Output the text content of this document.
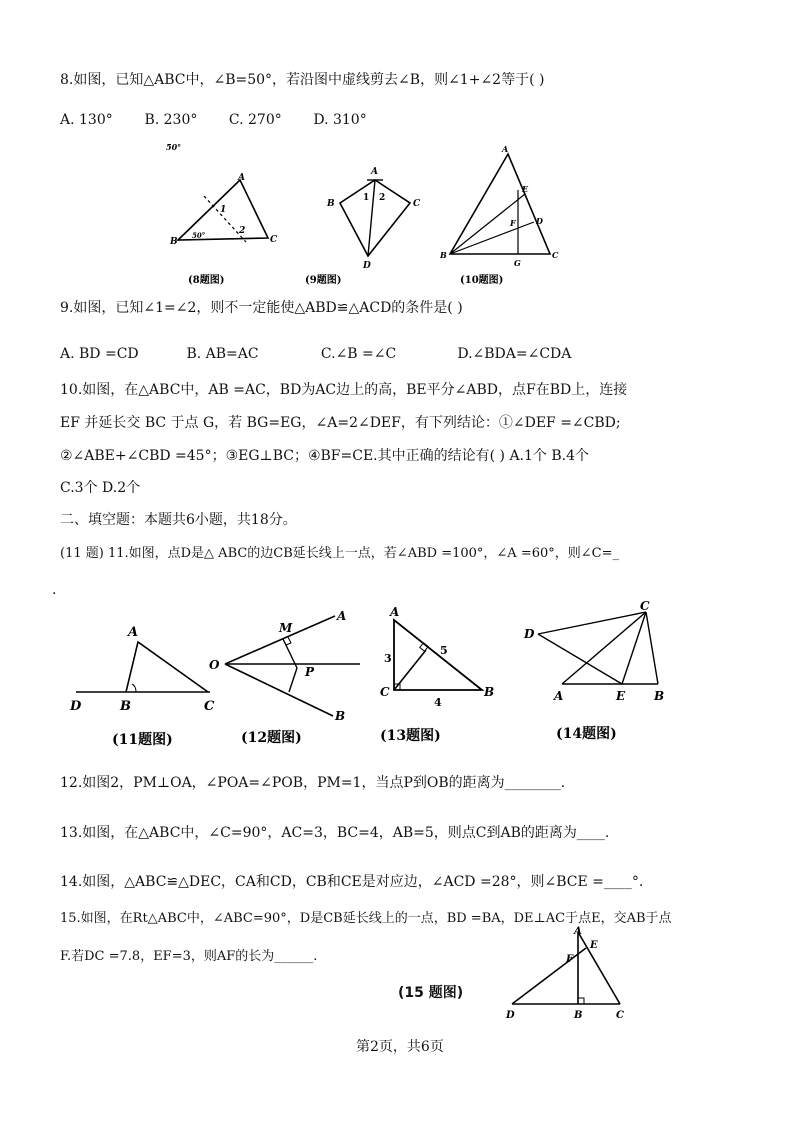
8.如图，已知△ABC中，∠B=50°，若沿图中虚线剪去∠B，则∠1+∠2等于( )
A. 130° B. 230° C. 270° D. 310°
50°
A
B	C
1
2
50°
(8题图)
A
B	C
D
1 2
(9题图)
A
B	C
D
E
F
G
(10题图)
9.如图，已知∠1=∠2，则不一定能使△ABD≌△ACD的条件是( )
A. BD =CD	B. AB=AC	C.∠B =∠C	D.∠BDA=∠CDA
10.如图，在△ABC中，AB =AC，BD为AC边上的高，BE平分∠ABD，点F在BD上，连接
EF 并延长交 BC 于点 G，若 BG=EG，∠A=2∠DEF，有下列结论：①∠DEF =∠CBD;
②∠ABE+∠CBD =45°；③EG⊥BC；④BF=CE.其中正确的结论有( ) A.1个 B.4个
C.3个 D.2个
二、填空题：本题共6小题，共18分。
(11 题) 11.如图，点D是△ ABC的边CB延长线上一点，若∠ABD =100°，∠A =60°，则∠C=_
.
A
B	C
D
(11题图)
M
A
O	P
B
(12题图)
A
C	B
3
5
4
(13题图)
C
D
A	E B
(14题图)
12.如图2，PM⊥OA，∠POA=∠POB，PM=1，当点P到OB的距离为________.
13.如图，在△ABC中，∠C=90°，AC=3，BC=4，AB=5，则点C到AB的距离为____.
14.如图，△ABC≌△DEC，CA和CD，CB和CE是对应边，∠ACD =28°，则∠BCE =____°.
15.如图，在Rt△ABC中，∠ABC=90°，D是CB延长线上的一点，BD =BA，DE⊥AC于点E，交AB于点
F.若DC =7.8，EF=3，则AF的长为______.
(15 题图)
A
E
F
D	B	C
第2页，共6页
